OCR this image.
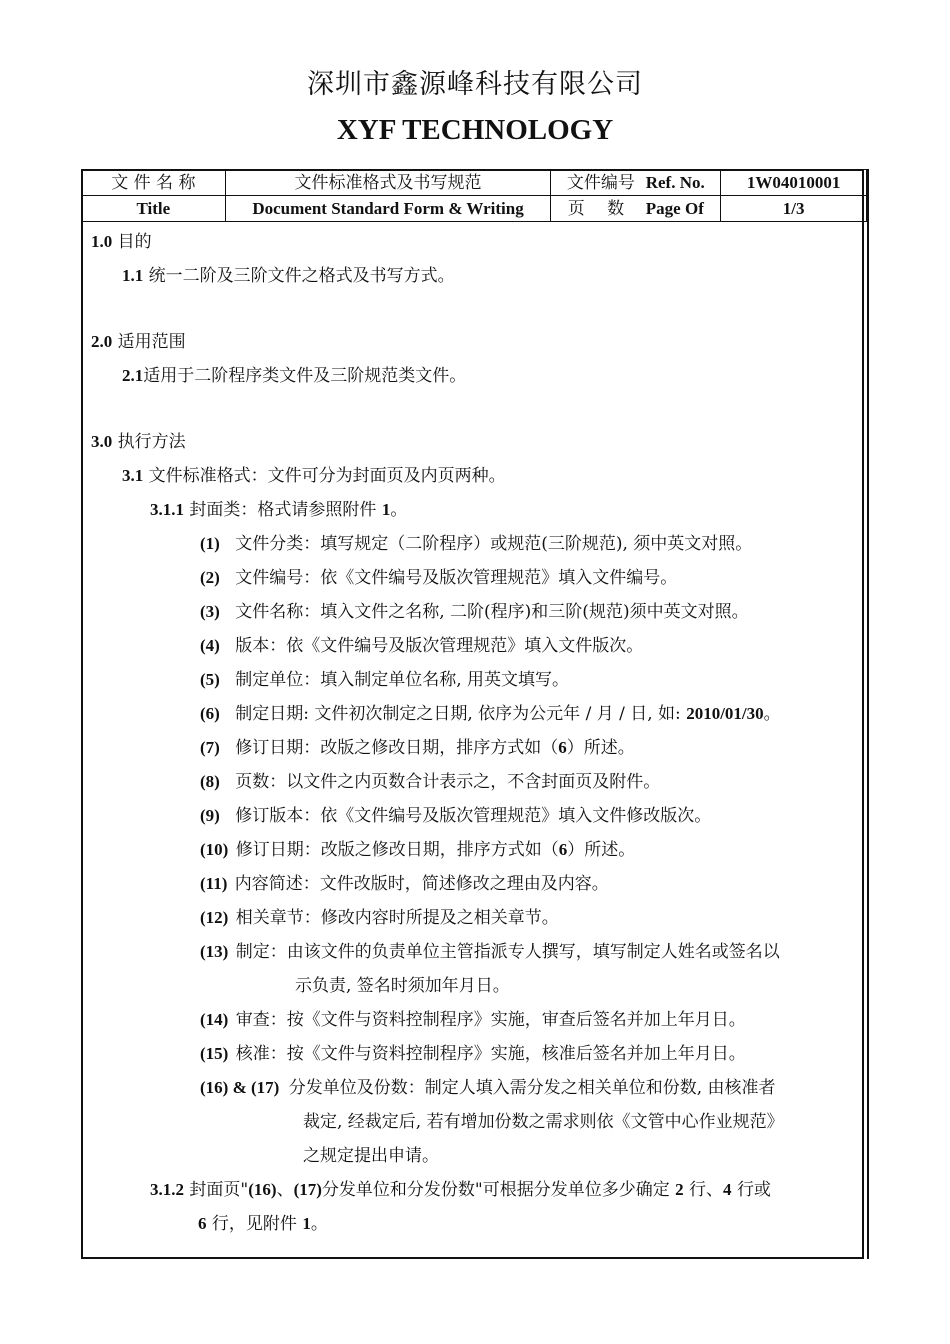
深圳市鑫源峰科技有限公司
XYF TECHNOLOGY
文 件 名 称	文件标准格式及书写规范	文件编号 Ref. No.	1W04010001
Title	Document Standard Form & Writing	页　 数 Page Of	1/3
1.0 目的
1.1 统一二阶及三阶文件之格式及书写方式。
2.0 适用范围
2.1适用于二阶程序类文件及三阶规范类文件。
3.0 执行方法
3.1 文件标准格式：文件可分为封面页及内页两种。
3.1.1 封面类：格式请参照附件 1。
(1) 文件分类：填写规定（二阶程序）或规范(三阶规范), 须中英文对照。
(2) 文件编号：依《文件编号及版次管理规范》填入文件编号。
(3) 文件名称：填入文件之名称, 二阶(程序)和三阶(规范)须中英文对照。
(4) 版本：依《文件编号及版次管理规范》填入文件版次。
(5) 制定单位：填入制定单位名称, 用英文填写。
(6) 制定日期: 文件初次制定之日期, 依序为公元年 / 月 / 日, 如: 2010/01/30。
(7) 修订日期：改版之修改日期，排序方式如（6）所述。
(8) 页数：以文件之内页数合计表示之，不含封面页及附件。
(9) 修订版本：依《文件编号及版次管理规范》填入文件修改版次。
(10) 修订日期：改版之修改日期，排序方式如（6）所述。
(11) 内容简述：文件改版时，简述修改之理由及内容。
(12) 相关章节：修改内容时所提及之相关章节。
(13) 制定：由该文件的负责单位主管指派专人撰写，填写制定人姓名或签名以
示负责, 签名时须加年月日。
(14) 审查：按《文件与资料控制程序》实施，审查后签名并加上年月日。
(15) 核准：按《文件与资料控制程序》实施，核准后签名并加上年月日。
(16) & (17) 分发单位及份数：制定人填入需分发之相关单位和份数, 由核准者
裁定, 经裁定后, 若有增加份数之需求则依《文管中心作业规范》
之规定提出申请。
3.1.2 封面页"(16)、(17)分发单位和分发份数"可根据分发单位多少确定 2 行、4 行或
6 行，见附件 1。
